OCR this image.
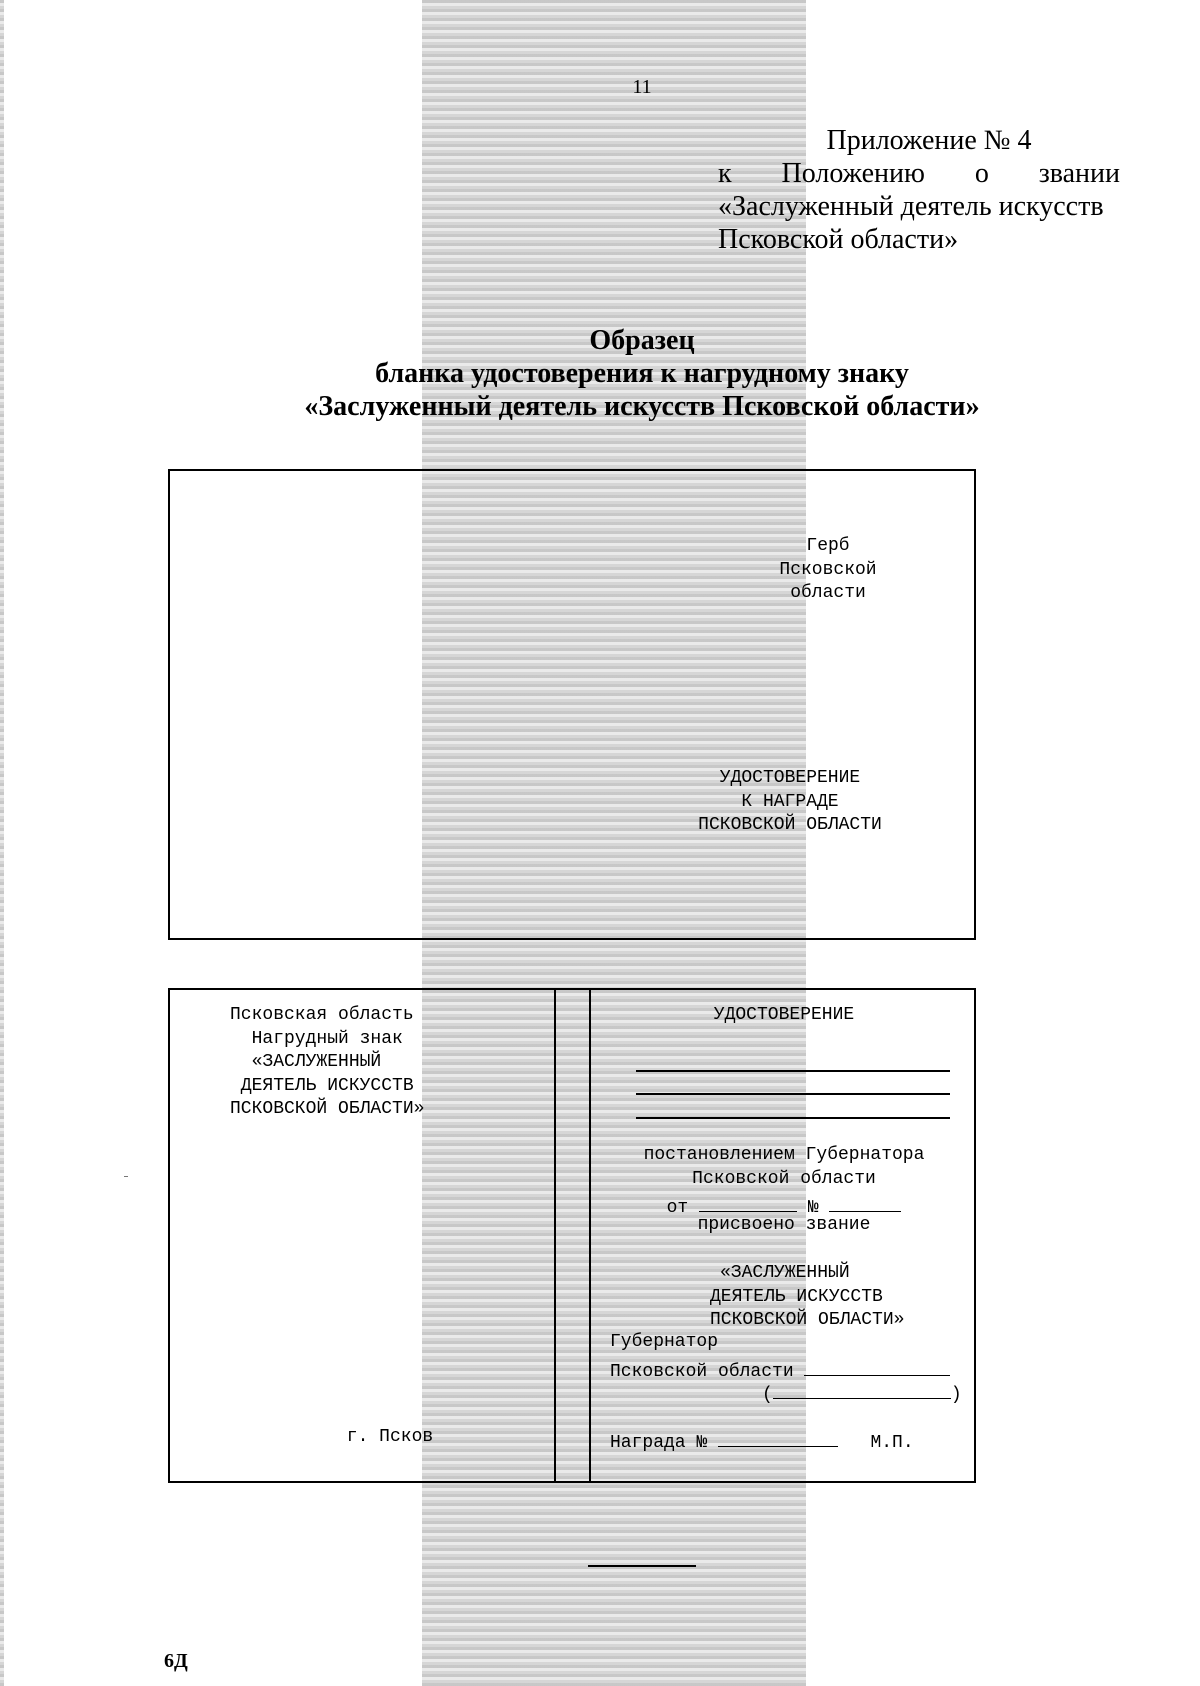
11
Приложение № 4
к Положению о звании
«Заслуженный деятель искусств
Псковской области»
Образец
бланка удостоверения к нагрудному знаку
«Заслуженный деятель искусств Псковской области»
Герб
Псковской
области
УДОСТОВЕРЕНИЕ
К НАГРАДЕ
ПСКОВСКОЙ ОБЛАСТИ
Псковская область
Нагрудный знак
«ЗАСЛУЖЕННЫЙ
ДЕЯТЕЛЬ ИСКУССТВ
ПСКОВСКОЙ ОБЛАСТИ»
г. Псков
УДОСТОВЕРЕНИЕ
постановлением Губернатора
Псковской области
от	№
присвоено звание
«ЗАСЛУЖЕННЫЙ
ДЕЯТЕЛЬ ИСКУССТВ
ПСКОВСКОЙ ОБЛАСТИ»
Губернатор
Псковской области
(	)
Награда №	М.П.
6Д
